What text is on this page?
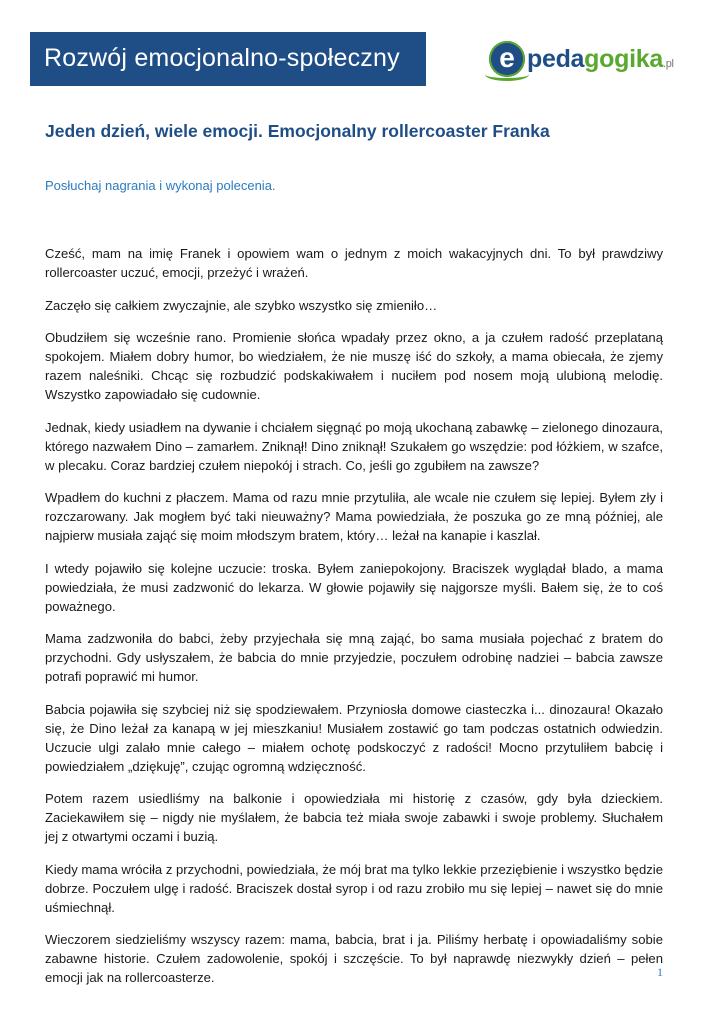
Rozwój emocjonalno-społeczny	e pedagogika.pl
Jeden dzień, wiele emocji. Emocjonalny rollercoaster Franka
Posłuchaj nagrania i wykonaj polecenia.

Cześć, mam na imię Franek i opowiem wam o jednym z moich wakacyjnych dni. To był prawdziwy rollercoaster uczuć, emocji, przeżyć i wrażeń.

Zaczęło się całkiem zwyczajnie, ale szybko wszystko się zmieniło…

Obudziłem się wcześnie rano. Promienie słońca wpadały przez okno, a ja czułem radość przeplataną spokojem. Miałem dobry humor, bo wiedziałem, że nie muszę iść do szkoły, a mama obiecała, że zjemy razem naleśniki. Chcąc się rozbudzić podskakiwałem i nuciłem pod nosem moją ulubioną melodię. Wszystko zapowiadało się cudownie.

Jednak, kiedy usiadłem na dywanie i chciałem sięgnąć po moją ukochaną zabawkę – zielonego dinozaura, którego nazwałem Dino – zamarłem. Zniknął! Dino zniknął! Szukałem go wszędzie: pod łóżkiem, w szafce, w plecaku. Coraz bardziej czułem niepokój i strach. Co, jeśli go zgubiłem na zawsze?

Wpadłem do kuchni z płaczem. Mama od razu mnie przytuliła, ale wcale nie czułem się lepiej. Byłem zły i rozczarowany. Jak mogłem być taki nieuważny? Mama powiedziała, że poszuka go ze mną później, ale najpierw musiała zająć się moim młodszym bratem, który… leżał na kanapie i kaszlał.

I wtedy pojawiło się kolejne uczucie: troska. Byłem zaniepokojony. Braciszek wyglądał blado, a mama powiedziała, że musi zadzwonić do lekarza. W głowie pojawiły się najgorsze myśli. Bałem się, że to coś poważnego.

Mama zadzwoniła do babci, żeby przyjechała się mną zająć, bo sama musiała pojechać z bratem do przychodni. Gdy usłyszałem, że babcia do mnie przyjedzie, poczułem odrobinę nadziei – babcia zawsze potrafi poprawić mi humor.

Babcia pojawiła się szybciej niż się spodziewałem. Przyniosła domowe ciasteczka i... dinozaura! Okazało się, że Dino leżał za kanapą w jej mieszkaniu! Musiałem zostawić go tam podczas ostatnich odwiedzin. Uczucie ulgi zalało mnie całego – miałem ochotę podskoczyć z radości! Mocno przytuliłem babcię i powiedziałem „dziękuję”, czując ogromną wdzięczność.

Potem razem usiedliśmy na balkonie i opowiedziała mi historię z czasów, gdy była dzieckiem. Zaciekawiłem się – nigdy nie myślałem, że babcia też miała swoje zabawki i swoje problemy. Słuchałem jej z otwartymi oczami i buzią.

Kiedy mama wróciła z przychodni, powiedziała, że mój brat ma tylko lekkie przeziębienie i wszystko będzie dobrze. Poczułem ulgę i radość. Braciszek dostał syrop i od razu zrobiło mu się lepiej – nawet się do mnie uśmiechnął.

Wieczorem siedzieliśmy wszyscy razem: mama, babcia, brat i ja. Piliśmy herbatę i opowiadaliśmy sobie zabawne historie. Czułem zadowolenie, spokój i szczęście. To był naprawdę niezwykły dzień – pełen emocji jak na rollercoasterze.	1
